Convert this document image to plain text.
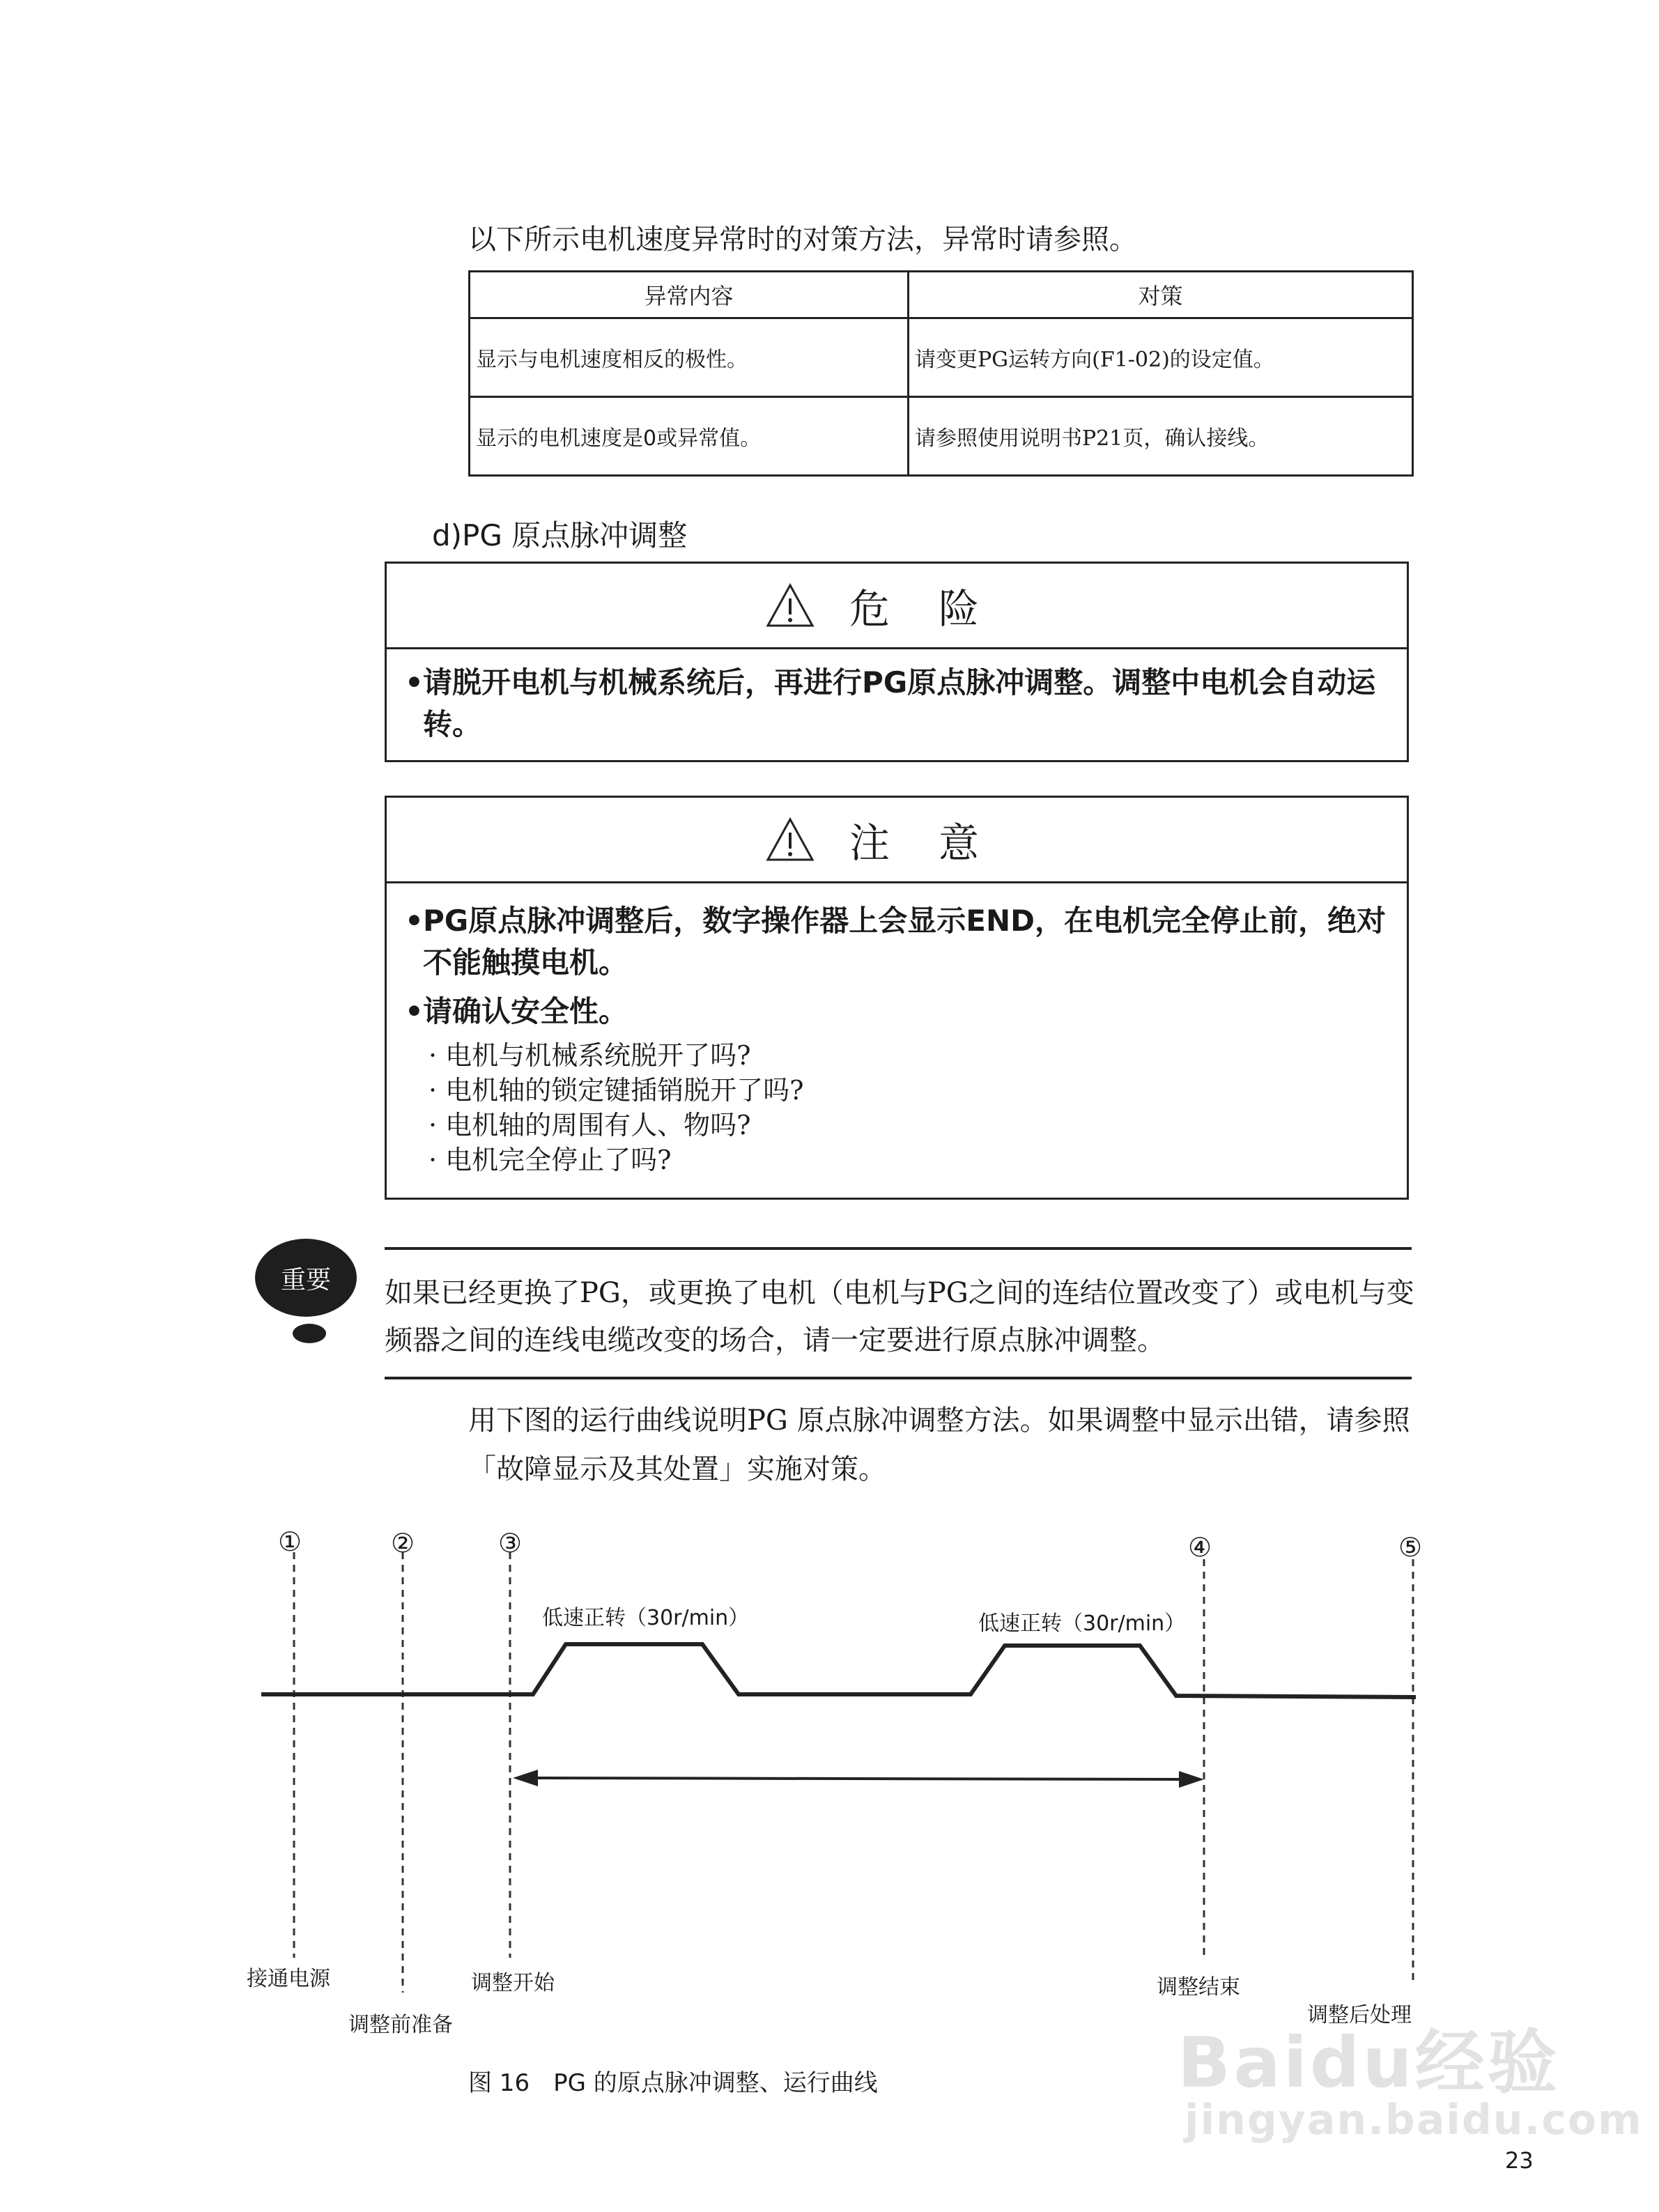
以下所示电机速度异常时的对策方法，异常时请参照。
异常内容	对策
显示与电机速度相反的极性。	请变更PG运转方向(F1-02)的设定值。
显示的电机速度是0或异常值。	请参照使用说明书P21页，确认接线。
d)PG 原点脉冲调整
危险
•请脱开电机与机械系统后，再进行PG原点脉冲调整。调整中电机会自动运
转。
注意
•PG原点脉冲调整后，数字操作器上会显示END，在电机完全停止前，绝对
不能触摸电机。
•请确认安全性。
· 电机与机械系统脱开了吗?
· 电机轴的锁定键插销脱开了吗?
· 电机轴的周围有人、物吗?
· 电机完全停止了吗?
重要	如果已经更换了PG，或更换了电机（电机与PG之间的连结位置改变了）或电机与变
频器之间的连线电缆改变的场合，请一定要进行原点脉冲调整。
用下图的运行曲线说明PG 原点脉冲调整方法。如果调整中显示出错，请参照
「故障显示及其处置」实施对策。
①	②	③	④	⑤
低速正转（30r/min）	低速正转（30r/min）
接通电源
调整前准备
调整开始	调整结束
调整后处理
图 16　PG 的原点脉冲调整、运行曲线	Baidu经验
jingyan.baidu.com
23
